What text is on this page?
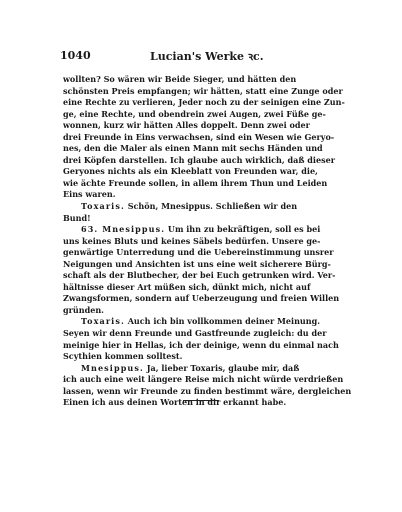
1040	Lucian's Werke ꝛc.
wollten? So wären wir Beide Sieger, und hätten den
schönsten Preis empfangen; wir hätten, statt eine Zunge oder
eine Rechte zu verlieren, Jeder noch zu der seinigen eine Zun-
ge, eine Rechte, und obendrein zwei Augen, zwei Füße ge-
wonnen, kurz wir hätten Alles doppelt. Denn zwei oder
drei Freunde in Eins verwachsen, sind ein Wesen wie Geryo-
nes, den die Maler als einen Mann mit sechs Händen und
drei Köpfen darstellen. Ich glaube auch wirklich, daß dieser
Geryones nichts als ein Kleeblatt von Freunden war, die,
wie ächte Freunde sollen, in allem ihrem Thun und Leiden
Eins waren.
Toxaris. Schön, Mnesippus. Schließen wir den
Bund!
63. Mnesippus. Um ihn zu bekräftigen, soll es bei
uns keines Bluts und keines Säbels bedürfen. Unsere ge-
genwärtige Unterredung und die Uebereinstimmung unsrer
Neigungen und Ansichten ist uns eine weit sicherere Bürg-
schaft als der Blutbecher, der bei Euch getrunken wird. Ver-
hältnisse dieser Art müßen sich, dünkt mich, nicht auf
Zwangsformen, sondern auf Ueberzeugung und freien Willen
gründen.
Toxaris. Auch ich bin vollkommen deiner Meinung.
Seyen wir denn Freunde und Gastfreunde zugleich: du der
meinige hier in Hellas, ich der deinige, wenn du einmal nach
Scythien kommen solltest.
Mnesippus. Ja, lieber Toxaris, glaube mir, daß
ich auch eine weit längere Reise mich nicht würde verdrießen
lassen, wenn wir Freunde zu finden bestimmt wäre, dergleichen
Einen ich aus deinen Worten in dir erkannt habe.
